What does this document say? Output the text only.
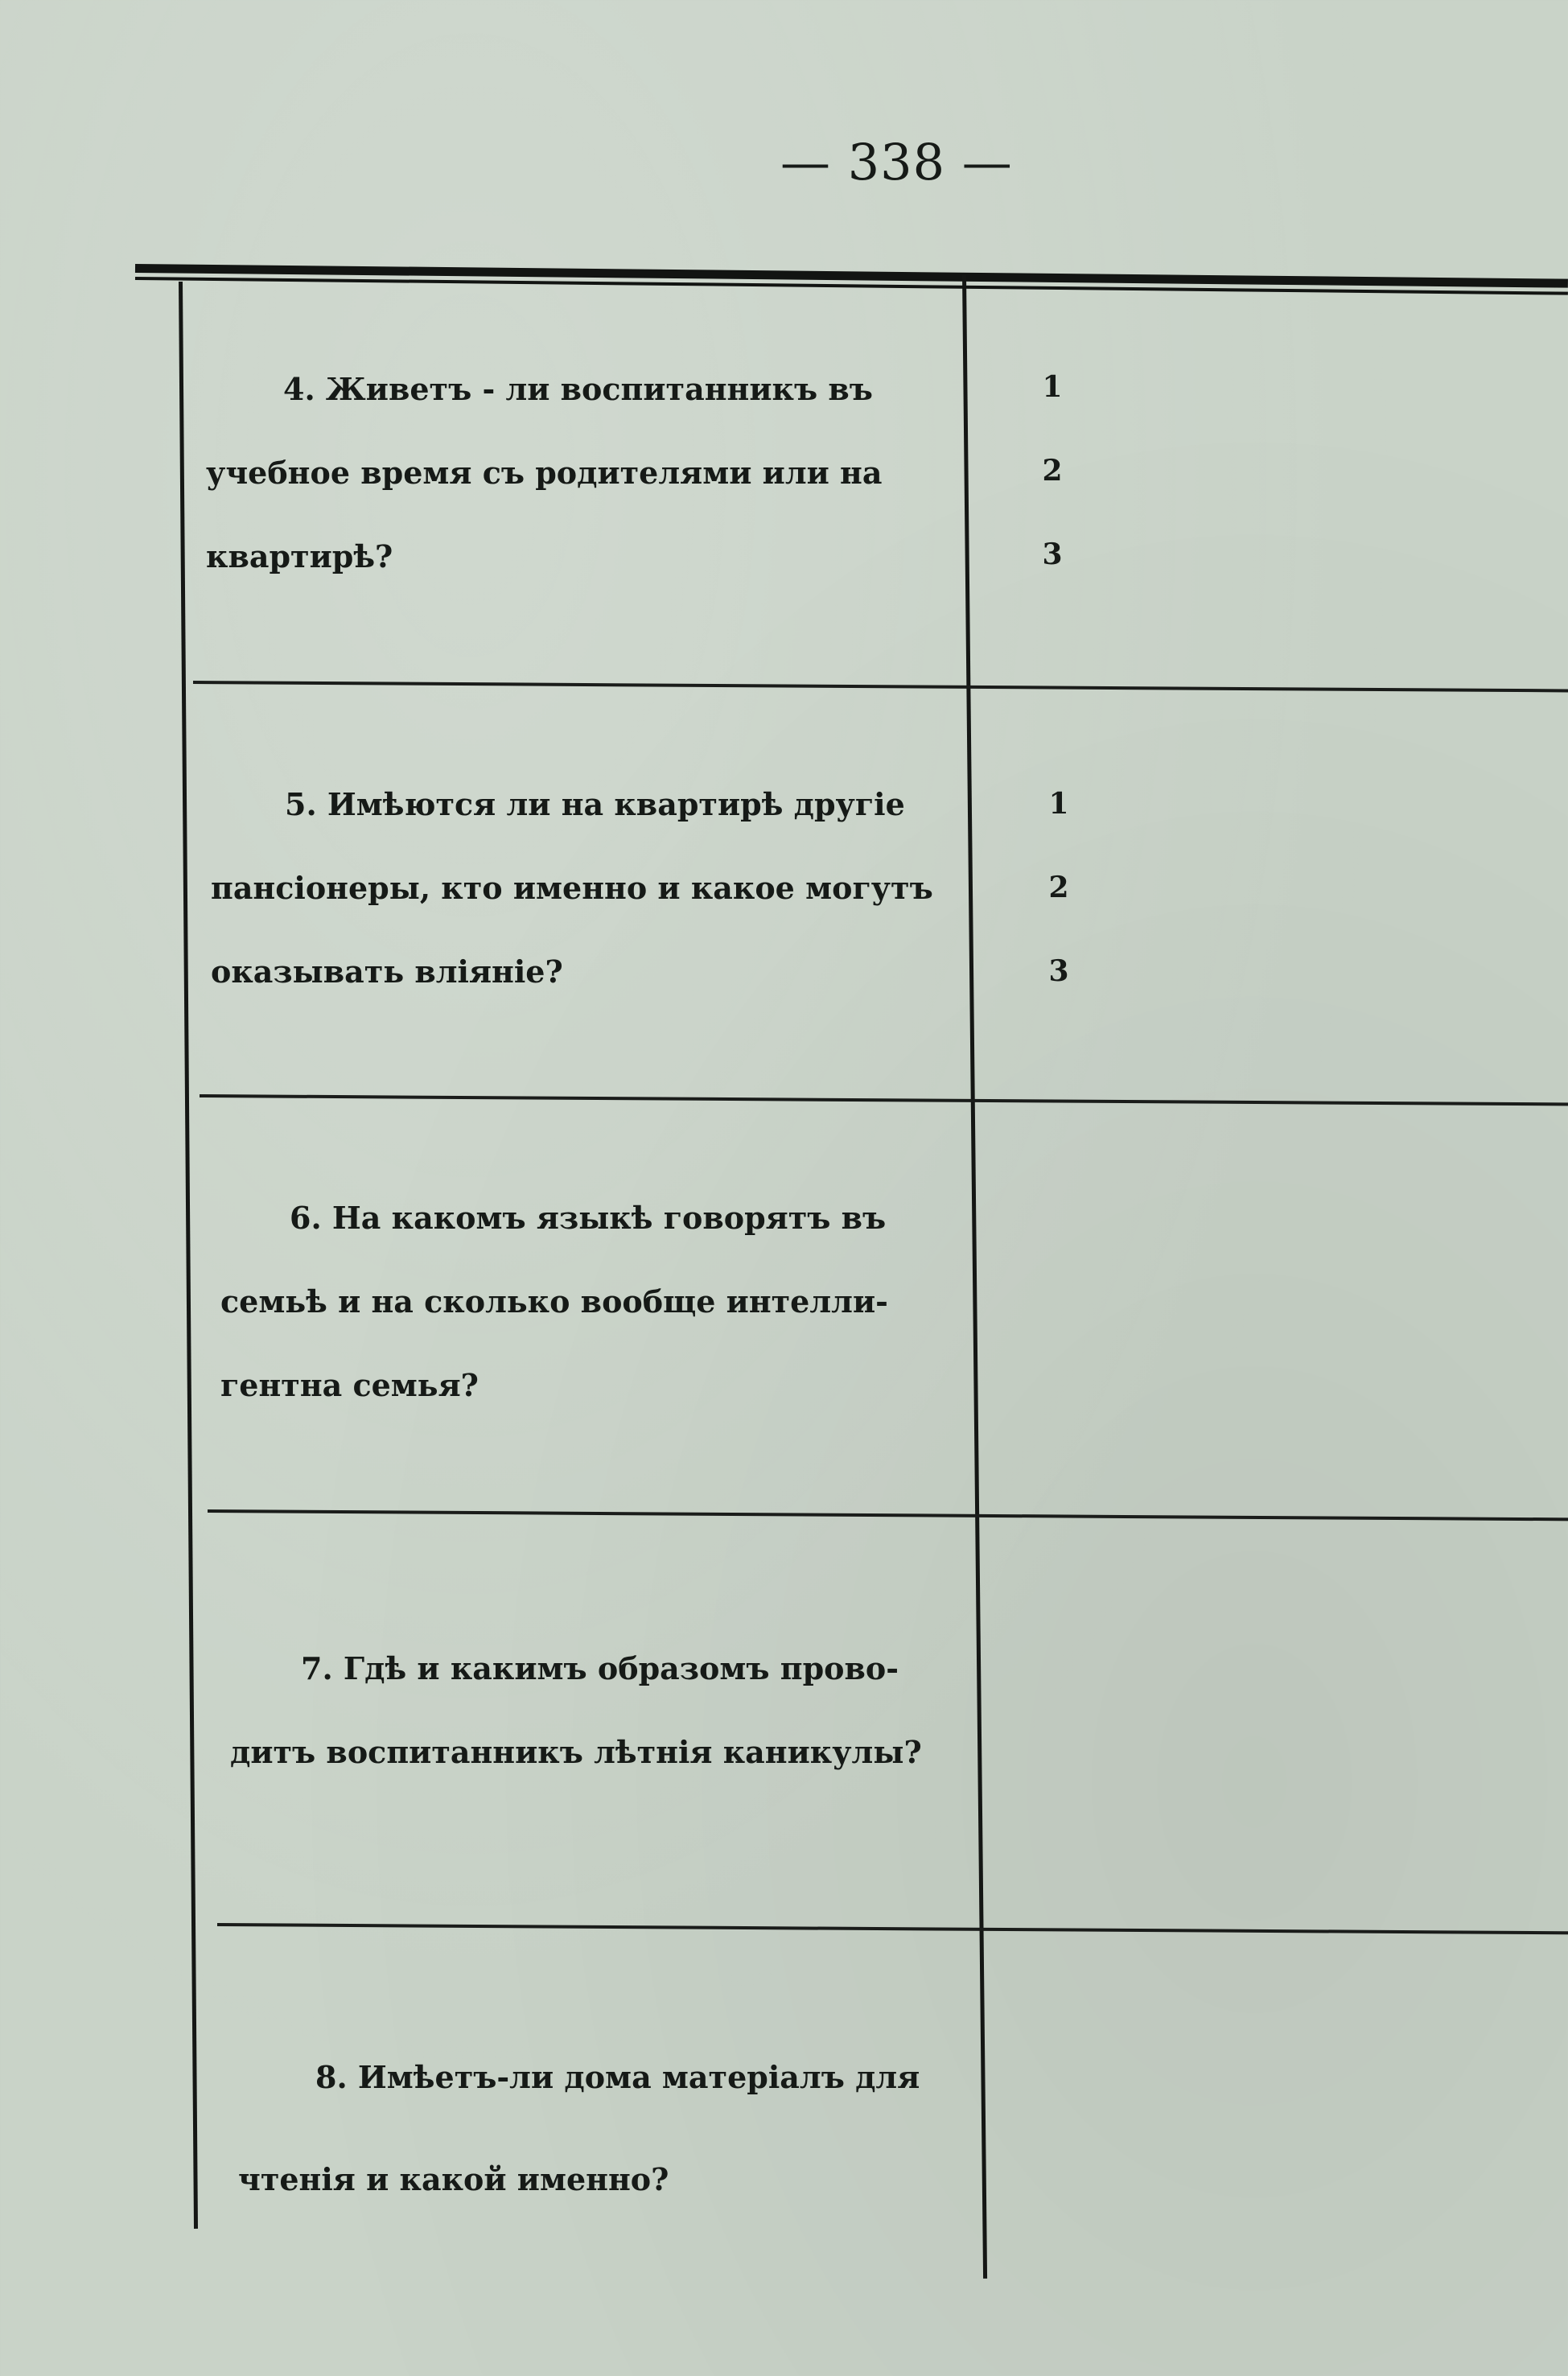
— 338 —
4. Живетъ - ли воспитанникъ въ
учебное время съ родителями или на
квартирѣ?
1
2
3
5. Имѣются ли на квартирѣ другіе
пансіонеры, кто именно и какое могутъ
оказывать вліяніе?
1
2
3
6. На какомъ языкѣ говорятъ въ
семьѣ и на сколько вообще интелли-
гентна семья?
7. Гдѣ и какимъ образомъ прово-
дитъ воспитанникъ лѣтнія каникулы?
8. Имѣетъ-ли дома матеріалъ для
чтенія и какой именно?
